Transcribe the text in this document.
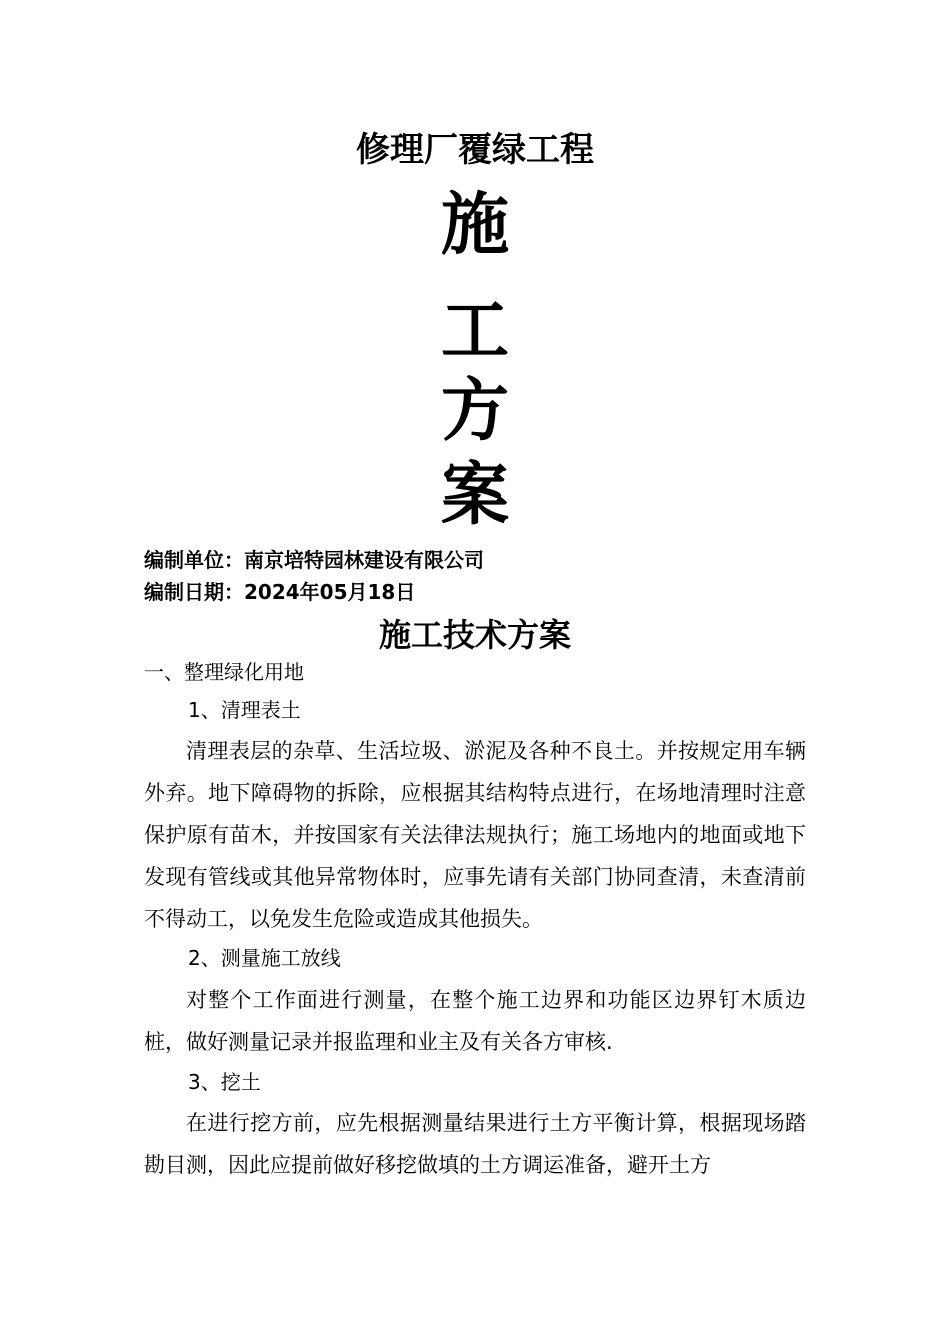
修理厂覆绿工程
施
工
方
案
编制单位：南京培特园林建设有限公司
编制日期：2024年05月18日
施工技术方案
一、整理绿化用地
1、清理表土
清理表层的杂草、生活垃圾、淤泥及各种不良土。并按规定用车辆外弃。地下障碍物的拆除，应根据其结构特点进行，在场地清理时注意保护原有苗木，并按国家有关法律法规执行；施工场地内的地面或地下发现有管线或其他异常物体时，应事先请有关部门协同查清，未查清前不得动工，以免发生危险或造成其他损失。
2、测量施工放线
对整个工作面进行测量，在整个施工边界和功能区边界钉木质边桩，做好测量记录并报监理和业主及有关各方审核.
3、挖土
在进行挖方前，应先根据测量结果进行土方平衡计算，根据现场踏勘目测，因此应提前做好移挖做填的土方调运准备，避开土方
